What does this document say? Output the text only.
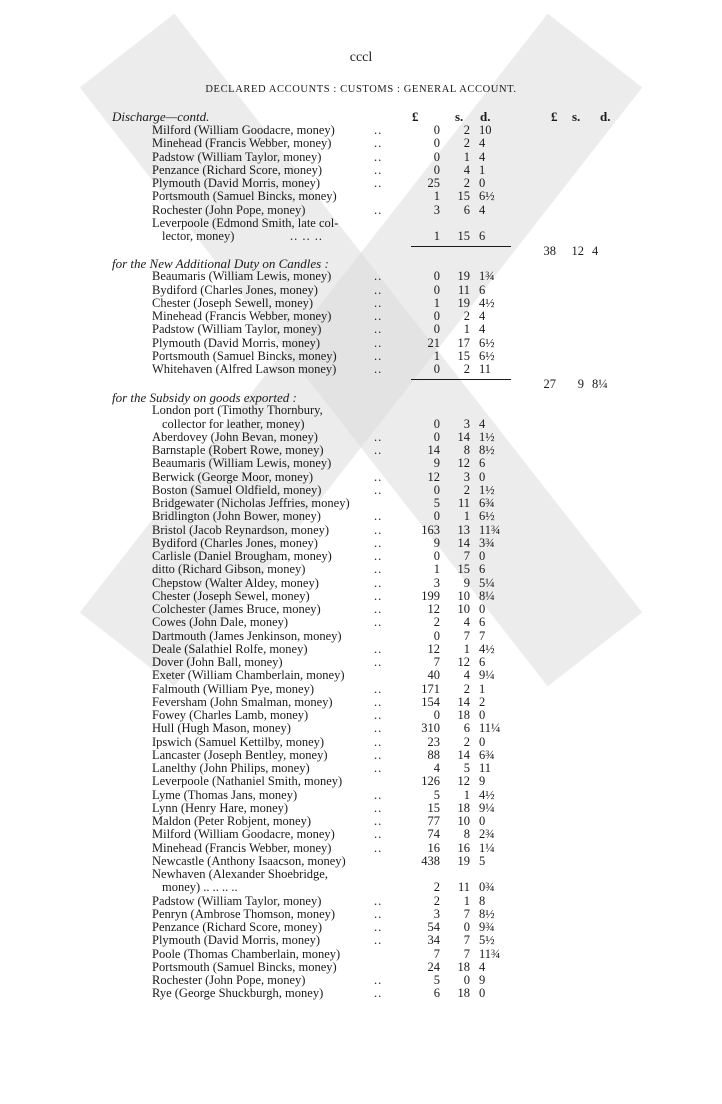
cccl
DECLARED ACCOUNTS : CUSTOMS : GENERAL ACCOUNT.
£	s. d.	£ s. d.
Discharge—contd.
Milford (William Goodacre, money)	..	0	2 10
Minehead (Francis Webber, money)	..	0	2 4
Padstow (William Taylor, money)	..	0	1 4
Penzance (Richard Score, money)	..	0	4 1
Plymouth (David Morris, money)	..	25	2 0
Portsmouth (Samuel Bincks, money)	1	15 6½
Rochester (John Pope, money)	..	3	6 4
Leverpoole (Edmond Smith, late col-
lector, money)	.. .. ..	1	15 6
38	12 4
for the New Additional Duty on Candles :
Beaumaris (William Lewis, money)	..	0	19 1¾
Bydiford (Charles Jones, money)	..	0	11 6
Chester (Joseph Sewell, money)	..	1	19 4½
Minehead (Francis Webber, money)	..	0	2 4
Padstow (William Taylor, money)	..	0	1 4
Plymouth (David Morris, money)	..	21	17 6½
Portsmouth (Samuel Bincks, money)	..	1	15 6½
Whitehaven (Alfred Lawson money)	..	0	2 11
27	9 8¼
for the Subsidy on goods exported :
London port (Timothy Thornbury,
collector for leather, money)	0	3 4
Aberdovey (John Bevan, money)	..	0	14 1½
Barnstaple (Robert Rowe, money)	..	14	8 8½
Beaumaris (William Lewis, money)	9	12 6
Berwick (George Moor, money)	..	12	3 0
Boston (Samuel Oldfield, money)	..	0	2 1½
Bridgewater (Nicholas Jeffries, money)	5	11 6¾
Bridlington (John Bower, money)	..	0	1 6½
Bristol (Jacob Reynardson, money)	..	163	13 11¾
Bydiford (Charles Jones, money)	..	9	14 3¾
Carlisle (Daniel Brougham, money)	..	0	7 0
ditto (Richard Gibson, money)	..	1	15 6
Chepstow (Walter Aldey, money)	..	3	9 5¼
Chester (Joseph Sewel, money)	..	199	10 8¼
Colchester (James Bruce, money)	..	12	10 0
Cowes (John Dale, money)	..	2	4 6
Dartmouth (James Jenkinson, money)	0	7 7
Deale (Salathiel Rolfe, money)	..	12	1 4½
Dover (John Ball, money)	..	7	12 6
Exeter (William Chamberlain, money)	40	4 9¼
Falmouth (William Pye, money)	..	171	2 1
Feversham (John Smalman, money)	..	154	14 2
Fowey (Charles Lamb, money)	..	0	18 0
Hull (Hugh Mason, money)	..	310	6 11¼
Ipswich (Samuel Kettilby, money)	..	23	2 0
Lancaster (Joseph Bentley, money)	..	88	14 6¾
Lanelthy (John Philips, money)	..	4	5 11
Leverpoole (Nathaniel Smith, money)	126	12 9
Lyme (Thomas Jans, money)	..	5	1 4½
Lynn (Henry Hare, money)	..	15	18 9¼
Maldon (Peter Robjent, money)	..	77	10 0
Milford (William Goodacre, money)	..	74	8 2¾
Minehead (Francis Webber, money)	..	16	16 1¼
Newcastle (Anthony Isaacson, money)	438	19 5
Newhaven (Alexander Shoebridge,
money) .. .. .. ..	2	11 0¾
Padstow (William Taylor, money)	..	2	1 8
Penryn (Ambrose Thomson, money)	..	3	7 8½
Penzance (Richard Score, money)	..	54	0 9¾
Plymouth (David Morris, money)	..	34	7 5½
Poole (Thomas Chamberlain, money)	7	7 11¾
Portsmouth (Samuel Bincks, money)	24	18 4
Rochester (John Pope, money)	..	5	0 9
Rye (George Shuckburgh, money)	..	6	18 0
